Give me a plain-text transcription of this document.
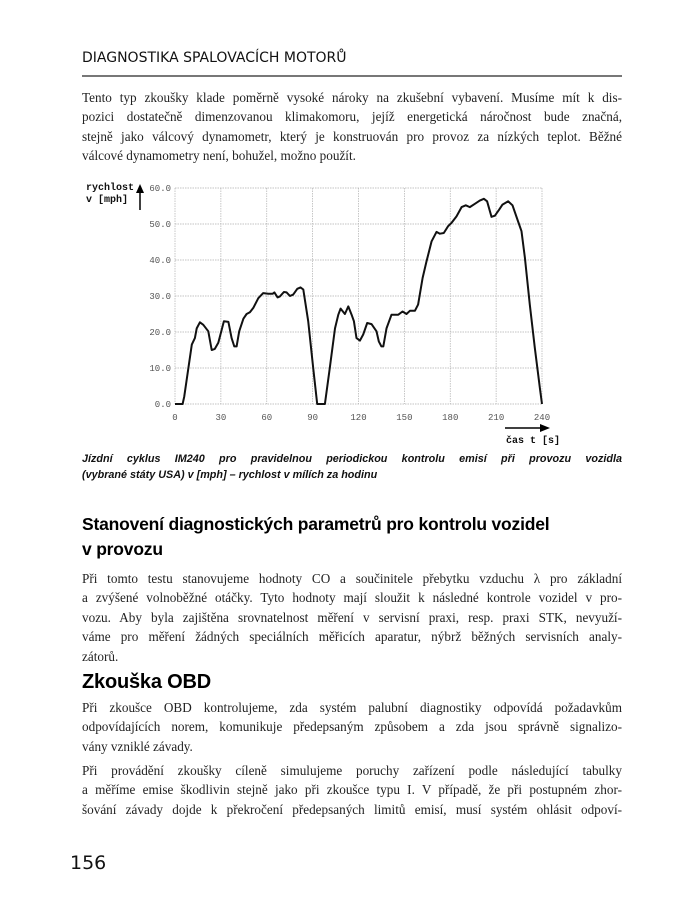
DIAGNOSTIKA SPALOVACÍCH MOTORŮ
Tento typ zkoušky klade poměrně vysoké nároky na zkušební vybavení. Musíme mít k dis-
pozici dostatečně dimenzovanou klimakomoru, jejíž energetická náročnost bude značná,
stejně jako válcový dynamometr, který je konstruován pro provoz za nízkých teplot. Běžné
válcové dynamometry není, bohužel, možno použít.
0	30	60	90	120	150	180	210	240
0.0
10.0
20.0
30.0
40.0
50.0
60.0
rychlost
v [mph]
čas t [s]
Jízdní cyklus IM240 pro pravidelnou periodickou kontrolu emisí při provozu vozidla
(vybrané státy USA) v [mph] – rychlost v mílích za hodinu
Stanovení diagnostických parametrů pro kontrolu vozidel
v provozu
Při tomto testu stanovujeme hodnoty CO a součinitele přebytku vzduchu λ pro základní
a zvýšené volnoběžné otáčky. Tyto hodnoty mají sloužit k následné kontrole vozidel v pro-
vozu. Aby byla zajištěna srovnatelnost měření v servisní praxi, resp. praxi STK, nevyuží-
váme pro měření žádných speciálních měřicích aparatur, nýbrž běžných servisních analy-
zátorů.
Zkouška OBD
Při zkoušce OBD kontrolujeme, zda systém palubní diagnostiky odpovídá požadavkům
odpovídajících norem, komunikuje předepsaným způsobem a zda jsou správně signalizo-
vány vzniklé závady.
Při provádění zkoušky cíleně simulujeme poruchy zařízení podle následující tabulky
a měříme emise škodlivin stejně jako při zkoušce typu I. V případě, že při postupném zhor-
šování závady dojde k překročení předepsaných limitů emisí, musí systém ohlásit odpoví-
156
